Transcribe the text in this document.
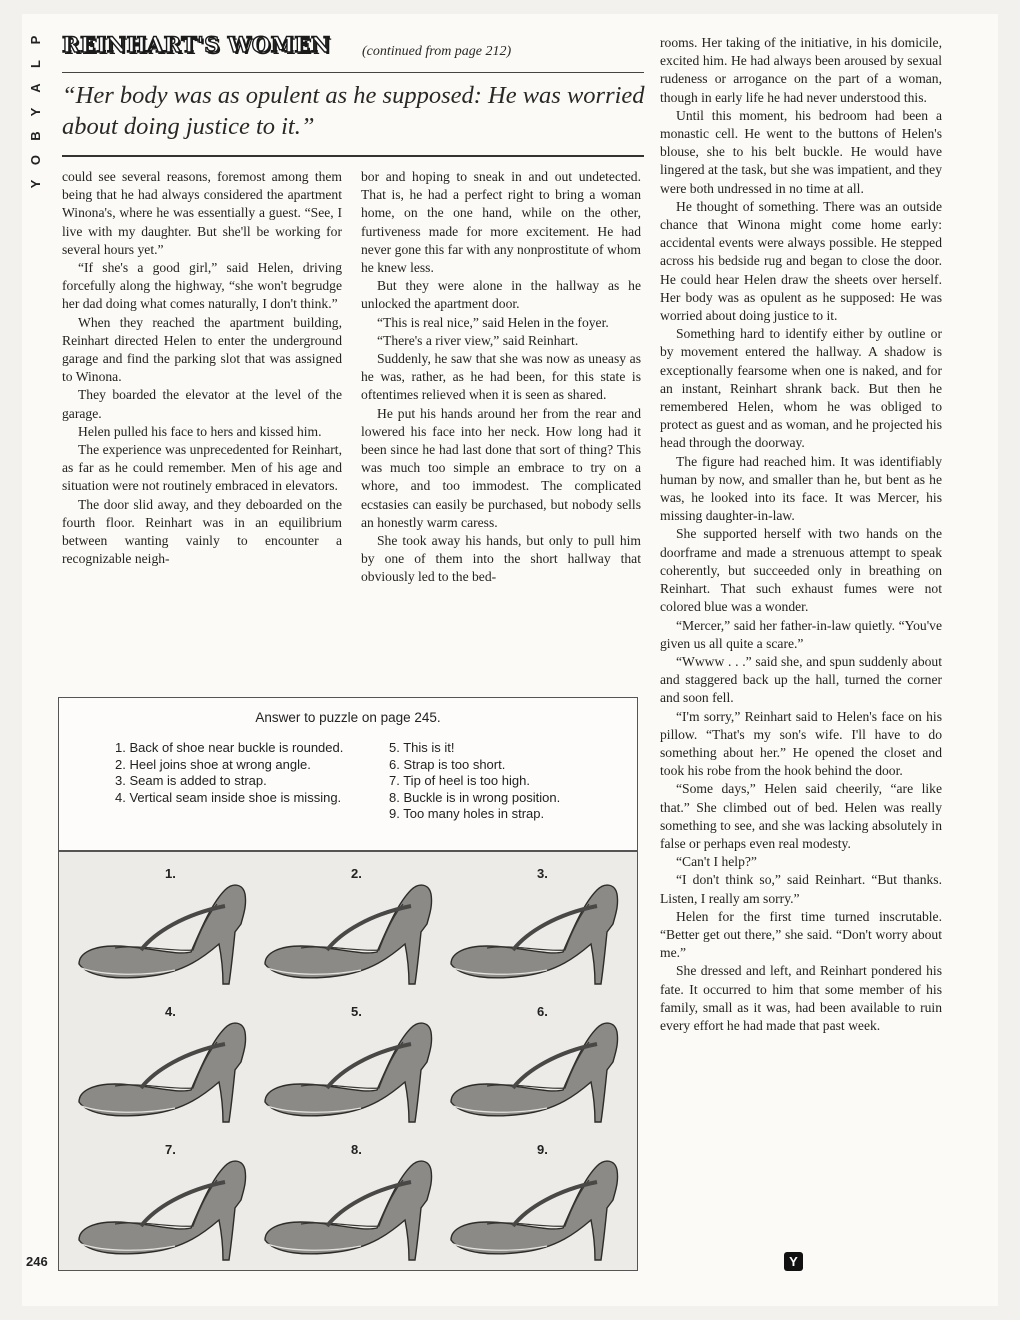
P
L
A
Y
B
O
Y
REINHART'S WOMEN (continued from page 212)
“Her body was as opulent as he supposed: He was worried about doing justice to it.”

could see several reasons, foremost among them being that he had always considered the apartment Winona's, where he was essentially a guest. “See, I live with my daughter. But she'll be working for several hours yet.”

“If she's a good girl,” said Helen, driving forcefully along the highway, “she won't begrudge her dad doing what comes naturally, I don't think.”

When they reached the apartment building, Reinhart directed Helen to enter the underground garage and find the parking slot that was assigned to Winona.

They boarded the elevator at the level of the garage.

Helen pulled his face to hers and kissed him.

The experience was unprecedented for Reinhart, as far as he could remember. Men of his age and situation were not routinely embraced in elevators.

The door slid away, and they deboarded on the fourth floor. Reinhart was in an equilibrium between wanting vainly to encounter a recognizable neigh-

bor and hoping to sneak in and out undetected. That is, he had a perfect right to bring a woman home, on the one hand, while on the other, furtiveness made for more excitement. He had never gone this far with any nonprostitute of whom he knew less.

But they were alone in the hallway as he unlocked the apartment door.

“This is real nice,” said Helen in the foyer.

“There's a river view,” said Reinhart.

Suddenly, he saw that she was now as uneasy as he was, rather, as he had been, for this state is oftentimes relieved when it is seen as shared.

He put his hands around her from the rear and lowered his face into her neck. How long had it been since he had last done that sort of thing? This was much too simple an embrace to try on a whore, and too immodest. The complicated ecstasies can easily be purchased, but nobody sells an honestly warm caress.

She took away his hands, but only to pull him by one of them into the short hallway that obviously led to the bed-

rooms. Her taking of the initiative, in his domicile, excited him. He had always been aroused by sexual rudeness or arrogance on the part of a woman, though in early life he had never understood this.

Until this moment, his bedroom had been a monastic cell. He went to the buttons of Helen's blouse, she to his belt buckle. He would have lingered at the task, but she was impatient, and they were both undressed in no time at all.

He thought of something. There was an outside chance that Winona might come home early: accidental events were always possible. He stepped across his bedside rug and began to close the door. He could hear Helen draw the sheets over herself. Her body was as opulent as he supposed: He was worried about doing justice to it.

Something hard to identify either by outline or by movement entered the hallway. A shadow is exceptionally fearsome when one is naked, and for an instant, Reinhart shrank back. But then he remembered Helen, whom he was obliged to protect as guest and as woman, and he projected his head through the doorway.

The figure had reached him. It was identifiably human by now, and smaller than he, but bent as he was, he looked into its face. It was Mercer, his missing daughter-in-law.

She supported herself with two hands on the doorframe and made a strenuous attempt to speak coherently, but succeeded only in breathing on Reinhart. That such exhaust fumes were not colored blue was a wonder.

“Mercer,” said her father-in-law quietly. “You've given us all quite a scare.”

“Wwww . . .” said she, and spun suddenly about and staggered back up the hall, turned the corner and soon fell.

“I'm sorry,” Reinhart said to Helen's face on his pillow. “That's my son's wife. I'll have to do something about her.” He opened the closet and took his robe from the hook behind the door.

“Some days,” Helen said cheerily, “are like that.” She climbed out of bed. Helen was really something to see, and she was lacking absolutely in false or perhaps even real modesty.

“Can't I help?”

“I don't think so,” said Reinhart. “But thanks. Listen, I really am sorry.”

Helen for the first time turned inscrutable. “Better get out there,” she said. “Don't worry about me.”

She dressed and left, and Reinhart pondered his fate. It occurred to him that some member of his family, small as it was, had been available to ruin every effort he had made that past week.

Answer to puzzle on page 245.
1. Back of shoe near buckle is rounded.
2. Heel joins shoe at wrong angle.
3. Seam is added to strap.
4. Vertical seam inside shoe is missing.
5. This is it!
6. Strap is too short.
7. Tip of heel is too high.
8. Buckle is in wrong position.
9. Too many holes in strap.
1.	2.	3.
4.	5.	6.
7.	8.	9.
246	Y
